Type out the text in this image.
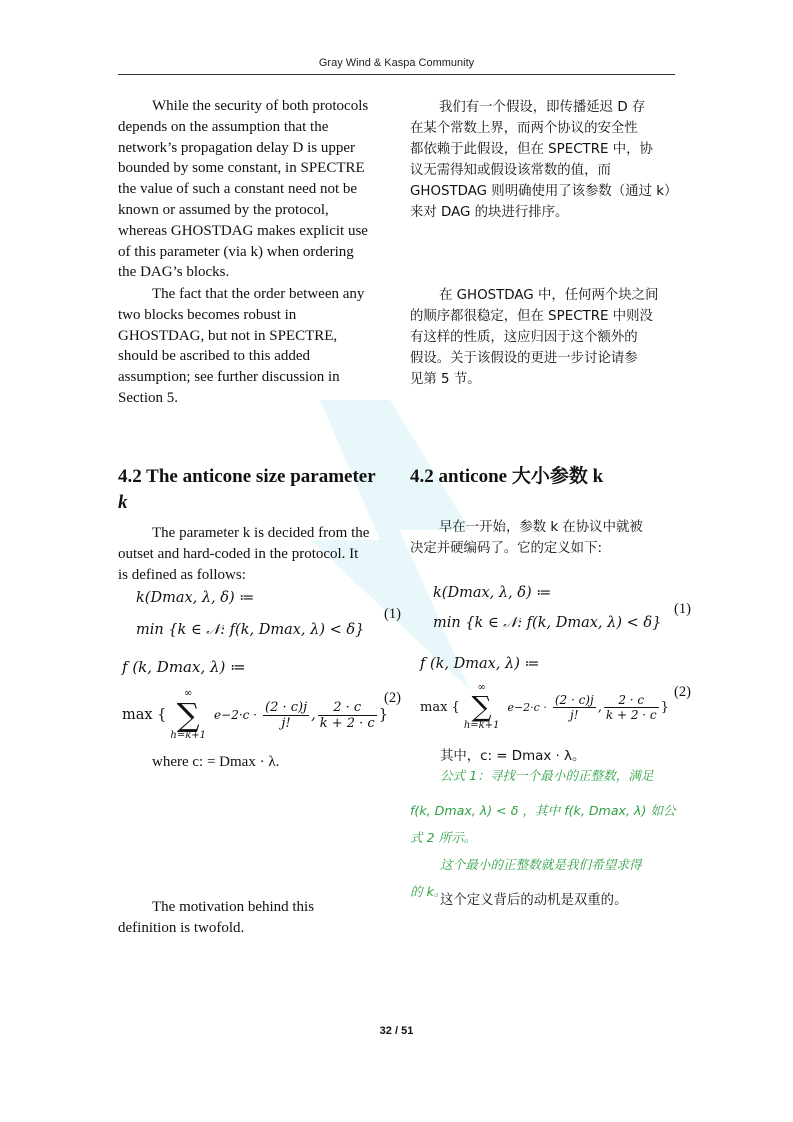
Gray Wind & Kaspa Community
While the security of both protocols
depends on the assumption that the
network’s propagation delay D is upper
bounded by some constant, in SPECTRE
the value of such a constant need not be
known or assumed by the protocol,
whereas GHOSTDAG makes explicit use
of this parameter (via k) when ordering
the DAG’s blocks.
The fact that the order between any
two blocks becomes robust in
GHOSTDAG, but not in SPECTRE,
should be ascribed to this added
assumption; see further discussion in
Section 5.
4.2 The anticone size parameter
k
The parameter k is decided from the
outset and hard-coded in the protocol. It
is defined as follows:
k(Dmax, λ, δ) ≔
min {k ∈ 𝒩: f(k, Dmax, λ) < δ}
(1)
f (k, Dmax, λ) ≔
max {
∞
∑
h=k+1
$e-2\cdot c \cdot \frac{(2 \cdot c)j}{j!}$ , $\frac{2 \cdot c}{k + 2 \cdot c}$ }
(2)
where c: = Dmax · λ.
The motivation behind this
definition is twofold.
我们有一个假设，即传播延迟 D 存
在某个常数上界，而两个协议的安全性
都依赖于此假设，但在 SPECTRE 中，协
议无需得知或假设该常数的值，而
GHOSTDAG 则明确使用了该参数（通过 k）
来对 DAG 的块进行排序。
在 GHOSTDAG 中，任何两个块之间
的顺序都很稳定，但在 SPECTRE 中则没
有这样的性质，这应归因于这个额外的
假设。关于该假设的更进一步讨论请参
见第 5 节。
4.2 anticone 大小参数 k
早在一开始，参数 k 在协议中就被
决定并硬编码了。它的定义如下:
k(Dmax, λ, δ) ≔
min {k ∈ 𝒩: f(k, Dmax, λ) < δ}
(1)
f (k, Dmax, λ) ≔
max {
∞
∑
h=k+1
$e-2\cdot c \cdot \frac{(2 \cdot c)j}{j!}$ , $\frac{2 \cdot c}{k + 2 \cdot c}$ }
(2)
其中，c: = Dmax · λ。
公式 1：寻找一个最小的正整数，满足
f(k, Dmax, λ) < δ ，其中 f(k, Dmax, λ) 如公
式 2 所示。
这个最小的正整数就是我们希望求得
的 k。
这个定义背后的动机是双重的。
32 / 51
